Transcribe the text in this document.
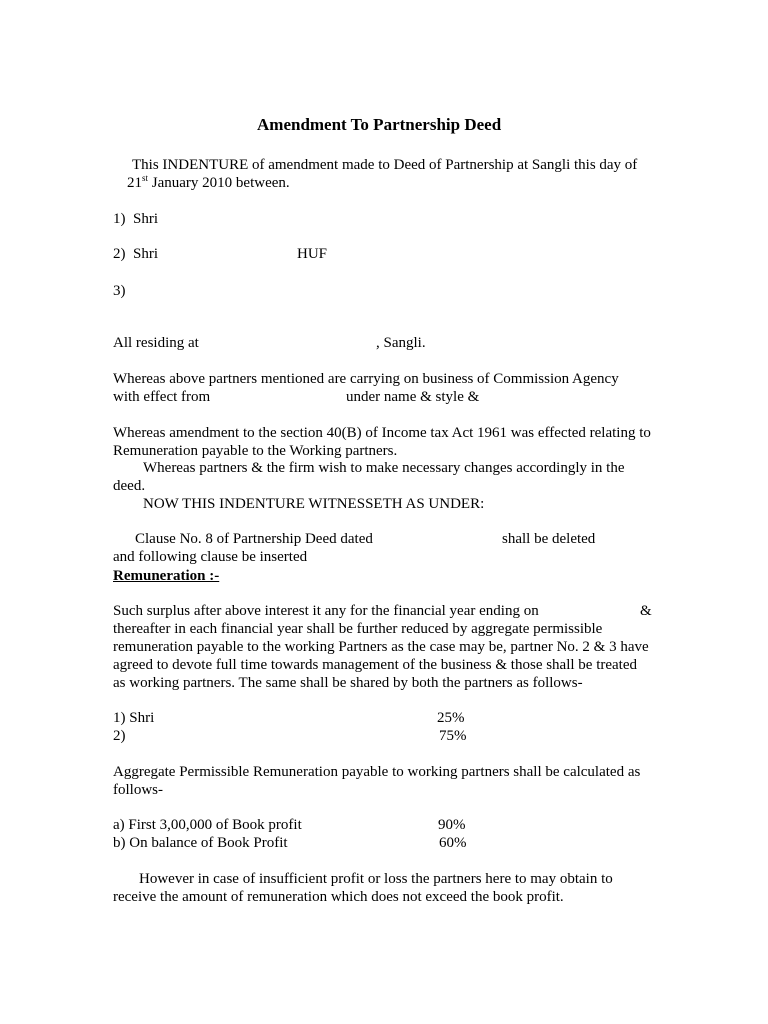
Amendment To Partnership Deed

This INDENTURE of amendment made to Deed of Partnership at Sangli this day of

21st January 2010 between.

1) Shri

2) Shri	HUF

3)

All residing at	, Sangli.

Whereas above partners mentioned are carrying on business of Commission Agency

with effect from	under name & style &

Whereas amendment to the section 40(B) of Income tax Act 1961 was effected relating to

Remuneration payable to the Working partners.

Whereas partners & the firm wish to make necessary changes accordingly in the

deed.

NOW THIS INDENTURE WITNESSETH AS UNDER:

Clause No. 8 of Partnership Deed dated	shall be deleted

and following clause be inserted

Remuneration :-

Such surplus after above interest it any for the financial year ending on	&

thereafter in each financial year shall be further reduced by aggregate permissible

remuneration payable to the working Partners as the case may be, partner No. 2 & 3 have

agreed to devote full time towards management of the business & those shall be treated

as working partners. The same shall be shared by both the partners as follows-

1) Shri	25%

2)	75%

Aggregate Permissible Remuneration payable to working partners shall be calculated as

follows-

a) First 3,00,000 of Book profit	90%

b) On balance of Book Profit	60%

However in case of insufficient profit or loss the partners here to may obtain to

receive the amount of remuneration which does not exceed the book profit.
